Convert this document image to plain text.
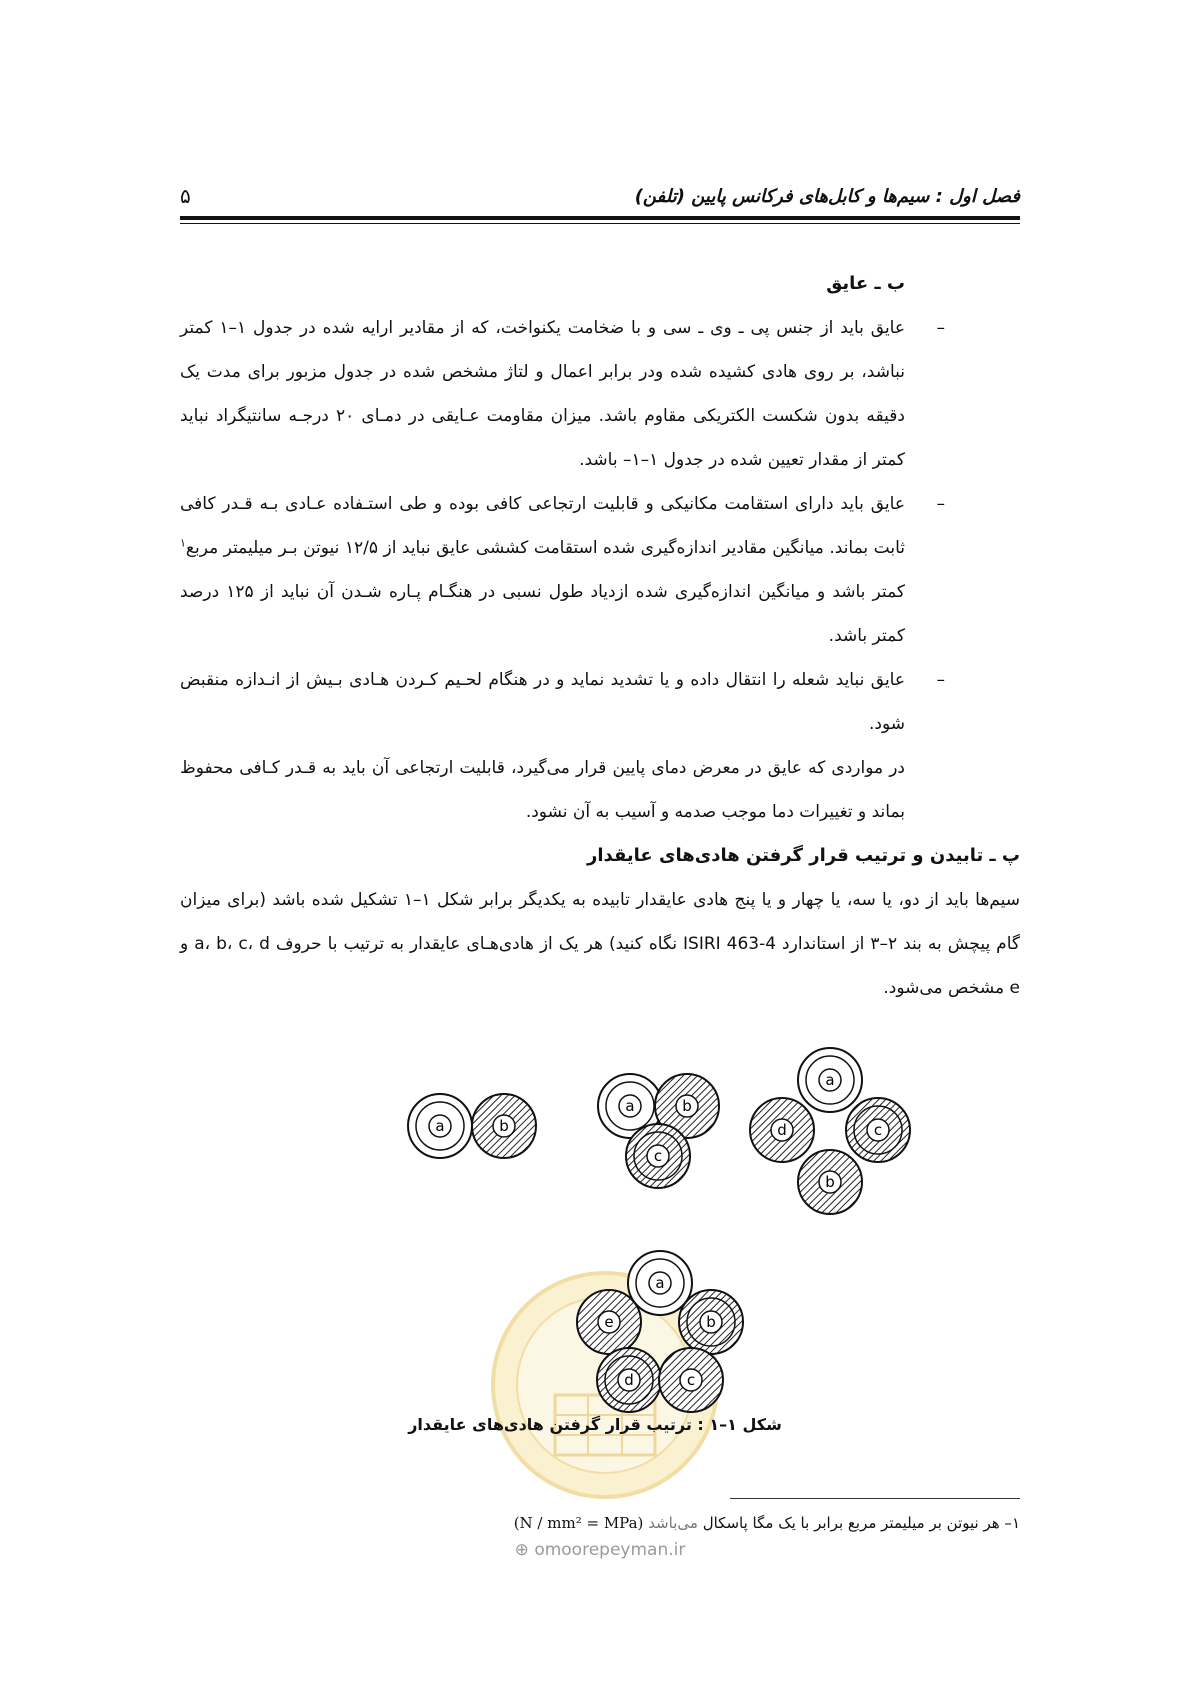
فصل اول : سیم‌ها و کابل‌های فرکانس پایین (تلفن)
۵
ب ـ عایق
–
عایق باید از جنس پی ـ وی ـ سی و با ضخامت یکنواخت، که از مقادیر ارایه شده در جدول ۱–۱ کمتر نباشد، بر روی هادی کشیده شده ودر برابر اعمال و لتاژ مشخص شده در جدول مزبور برای مدت یک دقیقه بدون شکست الکتریکی مقاوم باشد. میزان مقاومت عـایقی در دمـای ۲۰ درجـه سانتیگراد نباید کمتر از مقدار تعیین شده در جدول ۱–۱– باشد.
–
عایق باید دارای استقامت مکانیکی و قابلیت ارتجاعی کافی بوده و طی استـفاده عـادی بـه قـدر کافی ثابت بماند. میانگین مقادیر اندازه‌گیری شده استقامت کششی عایق نباید از ۱۲/۵ نیوتن بـر میلیمتر مربع$^۱$ کمتر باشد و میانگین اندازه‌گیری شده ازدیاد طول نسبی در هنگـام پـاره شـدن آن نباید از ۱۲۵ درصد کمتر باشد.
–
عایق نباید شعله را انتقال داده و یا تشدید نماید و در هنگام لحـیم کـردن هـادی بـیش از انـدازه منقبض شود.

در مواردی که عایق در معرض دمای پایین قرار می‌گیرد، قابلیت ارتجاعی آن باید به قـدر کـافی محفوظ بماند و تغییرات دما موجب صدمه و آسیب به آن نشود.

پ ـ تابیدن و ترتیب قرار گرفتن هادی‌های عایقدار

سیم‌ها باید از دو، یا سه، یا چهار و یا پنج هادی عایقدار تابیده به یکدیگر برابر شکل ۱–۱ تشکیل شده باشد (برای میزان گام پیچش به بند ۲–۳ از استاندارد ISIRI 463-4 نگاه کنید) هر یک از هادی‌هـای عایقدار به ترتیب با حروف a، b، c، d و e مشخص می‌شود.

a	b
a	b
c
a
d	c
b
a
e	b
d	c
شکل ۱–۱ : ترتیب قرار گرفتن هادی‌های عایقدار
۱– هر نیوتن بر میلیمتر مربع برابر با یک مگا پاسکال می‌باشد (N / mm² = MPa)
⊕ omoorepeyman.ir
